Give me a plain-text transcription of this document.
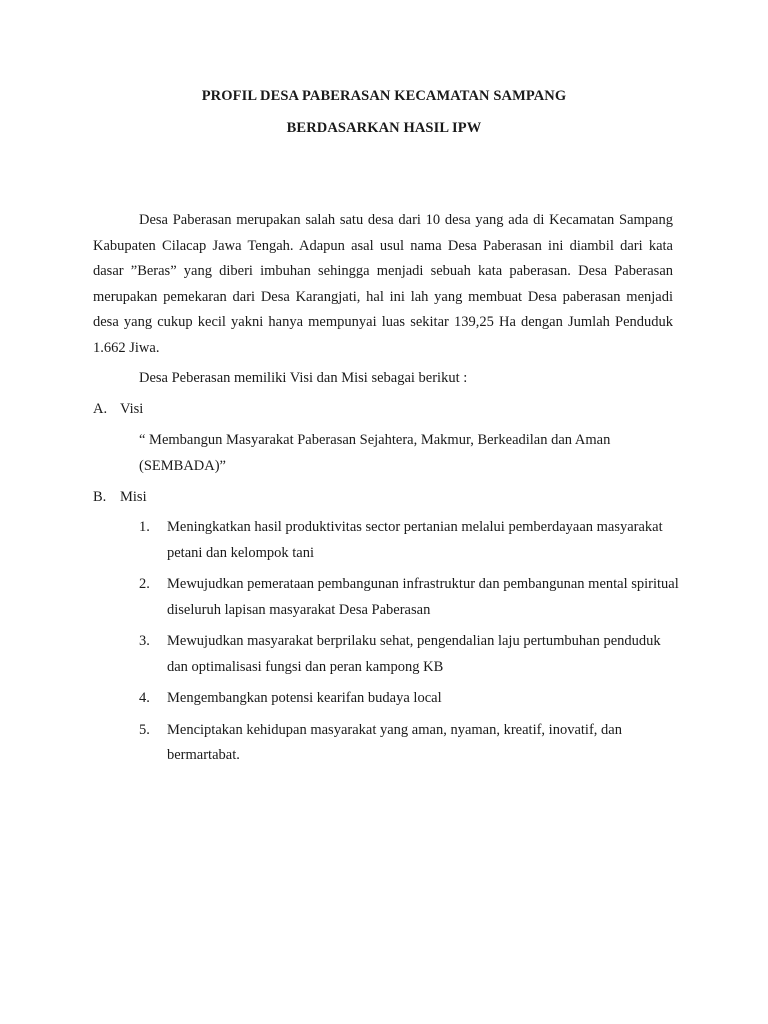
PROFIL DESA PABERASAN KECAMATAN SAMPANG
BERDASARKAN HASIL IPW
Desa Paberasan merupakan salah satu desa dari 10 desa yang ada di Kecamatan Sampang Kabupaten Cilacap Jawa Tengah. Adapun asal usul nama Desa Paberasan ini diambil dari kata dasar ”Beras” yang diberi imbuhan sehingga menjadi sebuah kata paberasan. Desa Paberasan merupakan pemekaran dari Desa Karangjati, hal ini lah yang membuat Desa paberasan menjadi desa yang cukup kecil yakni hanya mempunyai luas sekitar 139,25 Ha dengan Jumlah Penduduk 1.662 Jiwa.
Desa Peberasan memiliki Visi dan Misi sebagai berikut :
A. Visi
“ Membangun Masyarakat Paberasan Sejahtera, Makmur, Berkeadilan dan Aman (SEMBADA)”
B. Misi
1.	Meningkatkan hasil produktivitas sector pertanian melalui pemberdayaan masyarakat petani dan kelompok tani
2.	Mewujudkan pemerataan pembangunan infrastruktur dan pembangunan mental spiritual diseluruh lapisan masyarakat Desa Paberasan
3.	Mewujudkan masyarakat berprilaku sehat, pengendalian laju pertumbuhan penduduk dan optimalisasi fungsi dan peran kampong KB
4.	Mengembangkan potensi kearifan budaya local
5.	Menciptakan kehidupan masyarakat yang aman, nyaman, kreatif, inovatif, dan bermartabat.
